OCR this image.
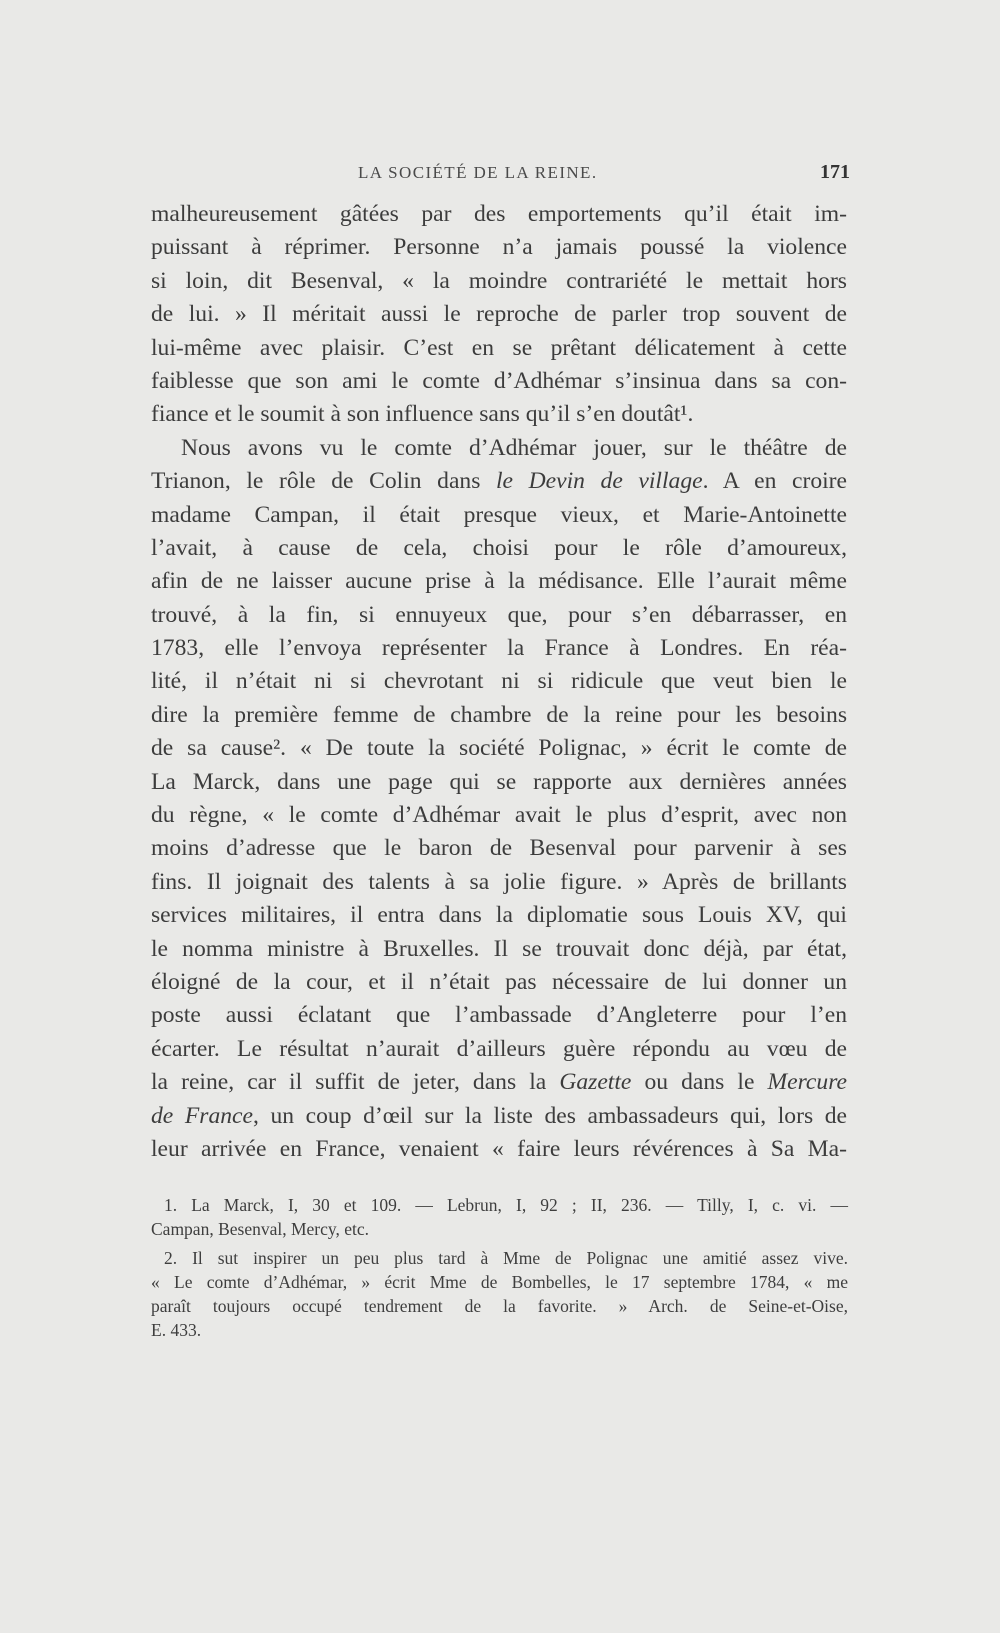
LA SOCIÉTÉ DE LA REINE.	171
malheureusement gâtées par des emportements qu’il était im-
puissant à réprimer. Personne n’a jamais poussé la violence
si loin, dit Besenval, « la moindre contrariété le mettait hors
de lui. » Il méritait aussi le reproche de parler trop souvent de
lui-même avec plaisir. C’est en se prêtant délicatement à cette
faiblesse que son ami le comte d’Adhémar s’insinua dans sa con-
fiance et le soumit à son influence sans qu’il s’en doutât¹.
Nous avons vu le comte d’Adhémar jouer, sur le théâtre de
Trianon, le rôle de Colin dans le Devin de village. A en croire
madame Campan, il était presque vieux, et Marie-Antoinette
l’avait, à cause de cela, choisi pour le rôle d’amoureux,
afin de ne laisser aucune prise à la médisance. Elle l’aurait même
trouvé, à la fin, si ennuyeux que, pour s’en débarrasser, en
1783, elle l’envoya représenter la France à Londres. En réa-
lité, il n’était ni si chevrotant ni si ridicule que veut bien le
dire la première femme de chambre de la reine pour les besoins
de sa cause². « De toute la société Polignac, » écrit le comte de
La Marck, dans une page qui se rapporte aux dernières années
du règne, « le comte d’Adhémar avait le plus d’esprit, avec non
moins d’adresse que le baron de Besenval pour parvenir à ses
fins. Il joignait des talents à sa jolie figure. » Après de brillants
services militaires, il entra dans la diplomatie sous Louis XV, qui
le nomma ministre à Bruxelles. Il se trouvait donc déjà, par état,
éloigné de la cour, et il n’était pas nécessaire de lui donner un
poste aussi éclatant que l’ambassade d’Angleterre pour l’en
écarter. Le résultat n’aurait d’ailleurs guère répondu au vœu de
la reine, car il suffit de jeter, dans la Gazette ou dans le Mercure
de France, un coup d’œil sur la liste des ambassadeurs qui, lors de
leur arrivée en France, venaient « faire leurs révérences à Sa Ma-
1. La Marck, I, 30 et 109. — Lebrun, I, 92 ; II, 236. — Tilly, I, c. vi. —
Campan, Besenval, Mercy, etc.
2. Il sut inspirer un peu plus tard à Mme de Polignac une amitié assez vive.
« Le comte d’Adhémar, » écrit Mme de Bombelles, le 17 septembre 1784, « me
paraît toujours occupé tendrement de la favorite. » Arch. de Seine-et-Oise,
E. 433.
